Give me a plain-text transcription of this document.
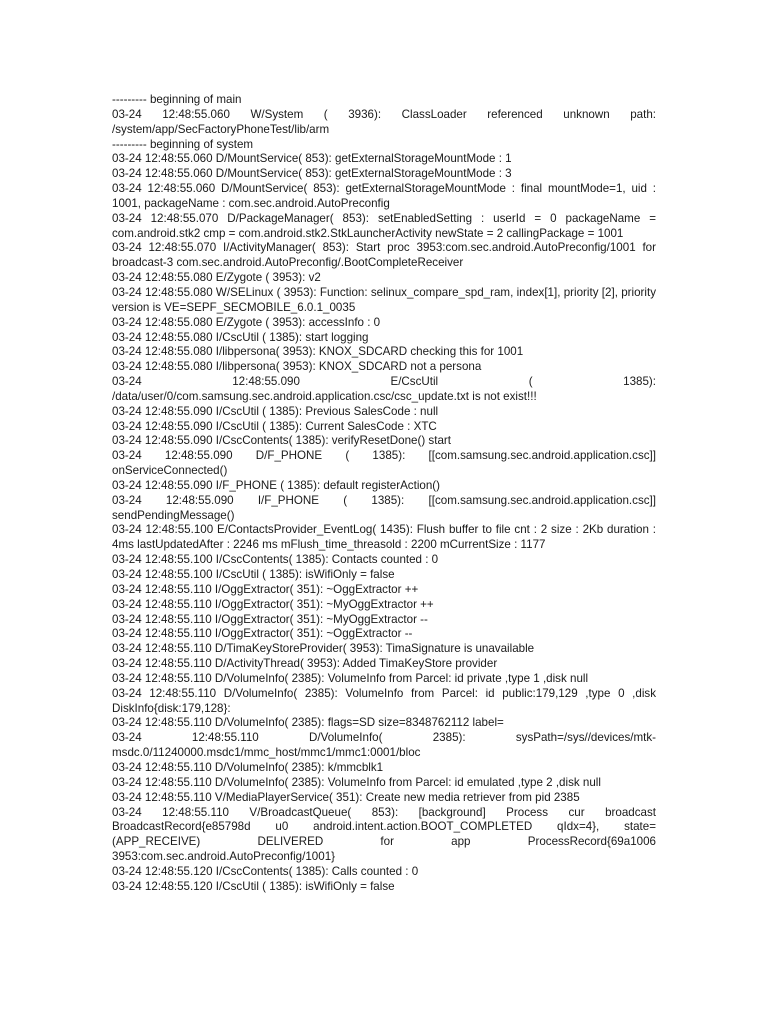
--------- beginning of main
03-24 12:48:55.060 W/System ( 3936): ClassLoader referenced unknown path: /system/app/SecFactoryPhoneTest/lib/arm
--------- beginning of system
03-24 12:48:55.060 D/MountService( 853): getExternalStorageMountMode : 1
03-24 12:48:55.060 D/MountService( 853): getExternalStorageMountMode : 3
03-24 12:48:55.060 D/MountService( 853): getExternalStorageMountMode : final mountMode=1, uid : 1001, packageName : com.sec.android.AutoPreconfig
03-24 12:48:55.070 D/PackageManager( 853): setEnabledSetting : userId = 0 packageName = com.android.stk2 cmp = com.android.stk2.StkLauncherActivity newState = 2 callingPackage = 1001
03-24 12:48:55.070 I/ActivityManager( 853): Start proc 3953:com.sec.android.AutoPreconfig/1001 for broadcast-3 com.sec.android.AutoPreconfig/.BootCompleteReceiver
03-24 12:48:55.080 E/Zygote ( 3953): v2
03-24 12:48:55.080 W/SELinux ( 3953): Function: selinux_compare_spd_ram, index[1], priority [2], priority version is VE=SEPF_SECMOBILE_6.0.1_0035
03-24 12:48:55.080 E/Zygote ( 3953): accessInfo : 0
03-24 12:48:55.080 I/CscUtil ( 1385): start logging
03-24 12:48:55.080 I/libpersona( 3953): KNOX_SDCARD checking this for 1001
03-24 12:48:55.080 I/libpersona( 3953): KNOX_SDCARD not a persona
03-24 12:48:55.090 E/CscUtil ( 1385): /data/user/0/com.samsung.sec.android.application.csc/csc_update.txt is not exist!!!
03-24 12:48:55.090 I/CscUtil ( 1385): Previous SalesCode : null
03-24 12:48:55.090 I/CscUtil ( 1385): Current SalesCode : XTC
03-24 12:48:55.090 I/CscContents( 1385): verifyResetDone() start
03-24 12:48:55.090 D/F_PHONE ( 1385): [[com.samsung.sec.android.application.csc]] onServiceConnected()
03-24 12:48:55.090 I/F_PHONE ( 1385): default registerAction()
03-24 12:48:55.090 I/F_PHONE ( 1385): [[com.samsung.sec.android.application.csc]] sendPendingMessage()
03-24 12:48:55.100 E/ContactsProvider_EventLog( 1435): Flush buffer to file cnt : 2 size : 2Kb duration : 4ms lastUpdatedAfter : 2246 ms mFlush_time_threasold : 2200 mCurrentSize : 1177
03-24 12:48:55.100 I/CscContents( 1385): Contacts counted : 0
03-24 12:48:55.100 I/CscUtil ( 1385): isWifiOnly = false
03-24 12:48:55.110 I/OggExtractor( 351): ~OggExtractor ++
03-24 12:48:55.110 I/OggExtractor( 351): ~MyOggExtractor ++
03-24 12:48:55.110 I/OggExtractor( 351): ~MyOggExtractor --
03-24 12:48:55.110 I/OggExtractor( 351): ~OggExtractor --
03-24 12:48:55.110 D/TimaKeyStoreProvider( 3953): TimaSignature is unavailable
03-24 12:48:55.110 D/ActivityThread( 3953): Added TimaKeyStore provider
03-24 12:48:55.110 D/VolumeInfo( 2385): VolumeInfo from Parcel: id private ,type 1 ,disk null
03-24 12:48:55.110 D/VolumeInfo( 2385): VolumeInfo from Parcel: id public:179,129 ,type 0 ,disk DiskInfo{disk:179,128}:
03-24 12:48:55.110 D/VolumeInfo( 2385): flags=SD size=8348762112 label=
03-24 12:48:55.110 D/VolumeInfo( 2385): sysPath=/sys//devices/mtk-msdc.0/11240000.msdc1/mmc_host/mmc1/mmc1:0001/bloc
03-24 12:48:55.110 D/VolumeInfo( 2385): k/mmcblk1
03-24 12:48:55.110 D/VolumeInfo( 2385): VolumeInfo from Parcel: id emulated ,type 2 ,disk null
03-24 12:48:55.110 V/MediaPlayerService( 351): Create new media retriever from pid 2385
03-24 12:48:55.110 V/BroadcastQueue( 853): [background] Process cur broadcast BroadcastRecord{e85798d u0 android.intent.action.BOOT_COMPLETED qIdx=4}, state= (APP_RECEIVE) DELIVERED for app ProcessRecord{69a1006 3953:com.sec.android.AutoPreconfig/1001}
03-24 12:48:55.120 I/CscContents( 1385): Calls counted : 0
03-24 12:48:55.120 I/CscUtil ( 1385): isWifiOnly = false
